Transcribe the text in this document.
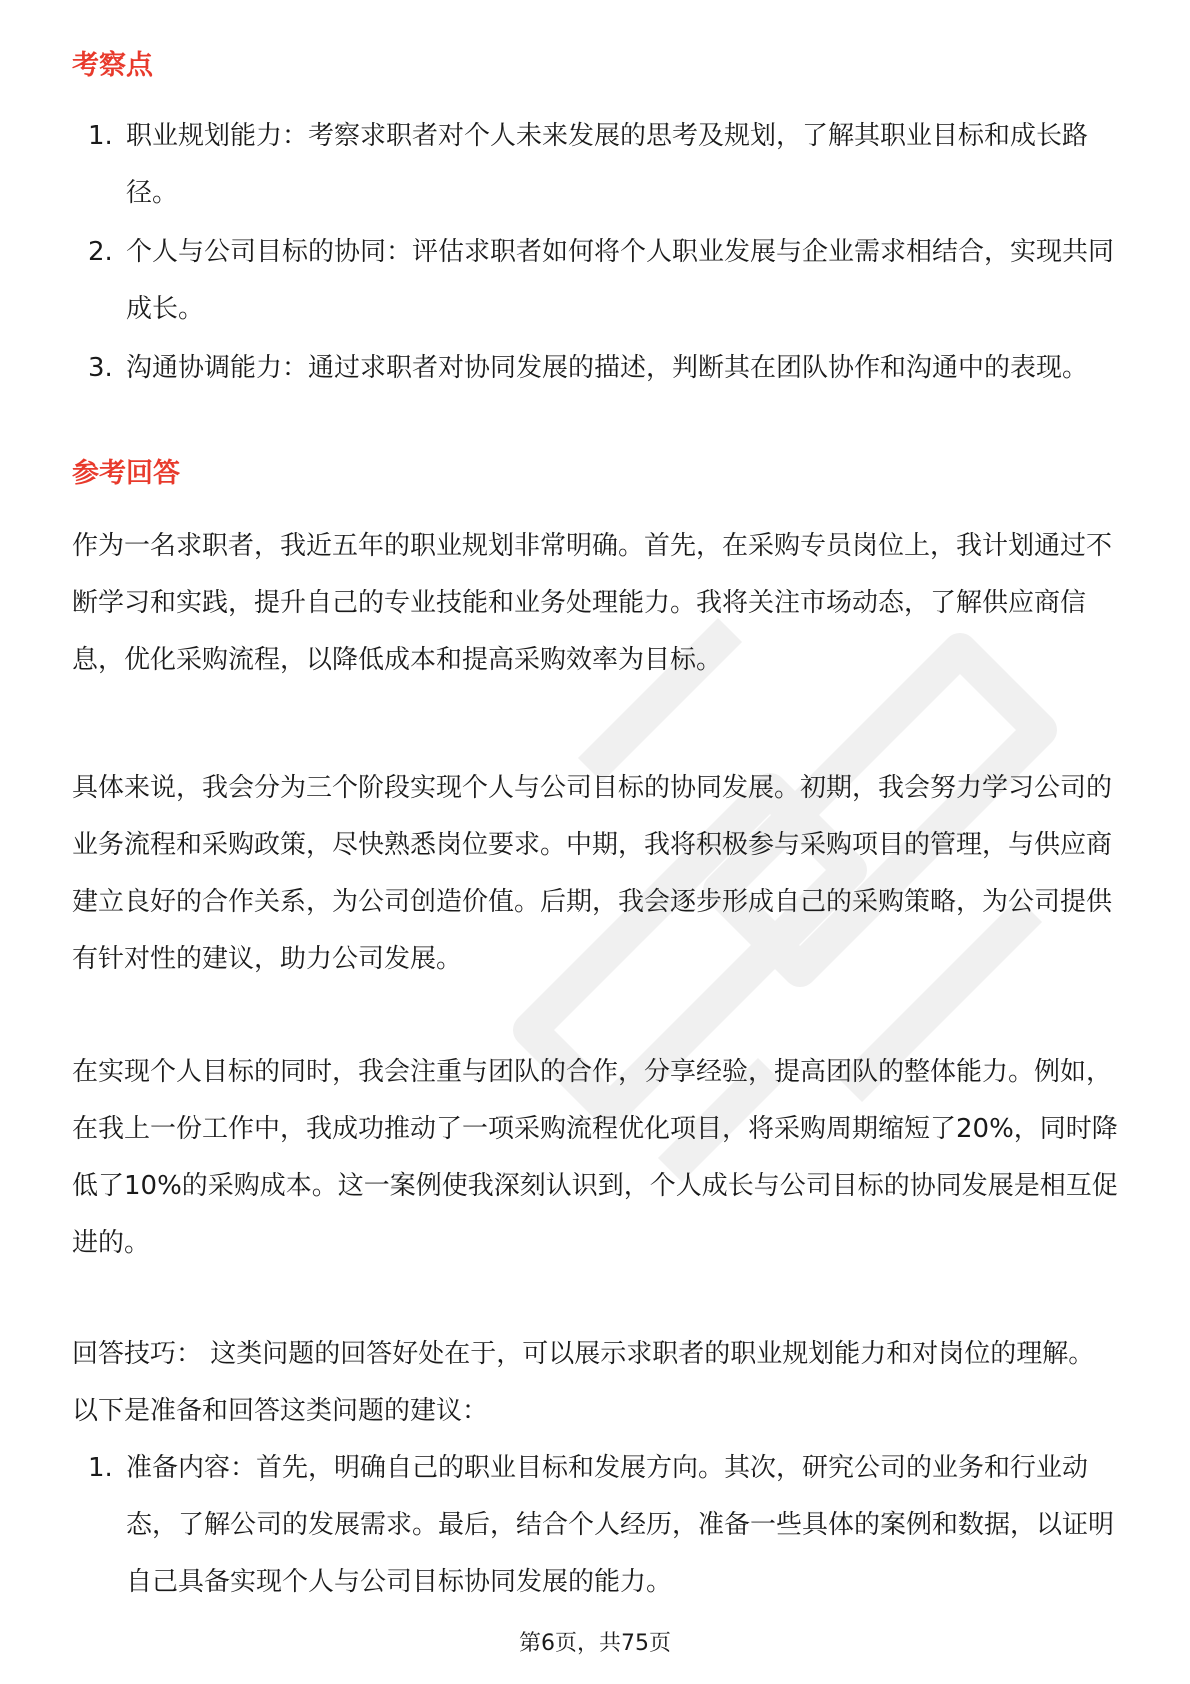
考察点
1. 职业规划能力：考察求职者对个人未来发展的思考及规划，了解其职业目标和成长路径。
2. 个人与公司目标的协同：评估求职者如何将个人职业发展与企业需求相结合，实现共同成长。
3. 沟通协调能力：通过求职者对协同发展的描述，判断其在团队协作和沟通中的表现。
参考回答

作为一名求职者，我近五年的职业规划非常明确。首先，在采购专员岗位上，我计划通过不断学习和实践，提升自己的专业技能和业务处理能力。我将关注市场动态，了解供应商信息，优化采购流程，以降低成本和提高采购效率为目标。

具体来说，我会分为三个阶段实现个人与公司目标的协同发展。初期，我会努力学习公司的业务流程和采购政策，尽快熟悉岗位要求。中期，我将积极参与采购项目的管理，与供应商建立良好的合作关系，为公司创造价值。后期，我会逐步形成自己的采购策略，为公司提供有针对性的建议，助力公司发展。

在实现个人目标的同时，我会注重与团队的合作，分享经验，提高团队的整体能力。例如，在我上一份工作中，我成功推动了一项采购流程优化项目，将采购周期缩短了20%，同时降低了10%的采购成本。这一案例使我深刻认识到，个人成长与公司目标的协同发展是相互促进的。

回答技巧： 这类问题的回答好处在于，可以展示求职者的职业规划能力和对岗位的理解。以下是准备和回答这类问题的建议：

1. 准备内容：首先，明确自己的职业目标和发展方向。其次，研究公司的业务和行业动态，了解公司的发展需求。最后，结合个人经历，准备一些具体的案例和数据，以证明自己具备实现个人与公司目标协同发展的能力。
第6页，共75页
